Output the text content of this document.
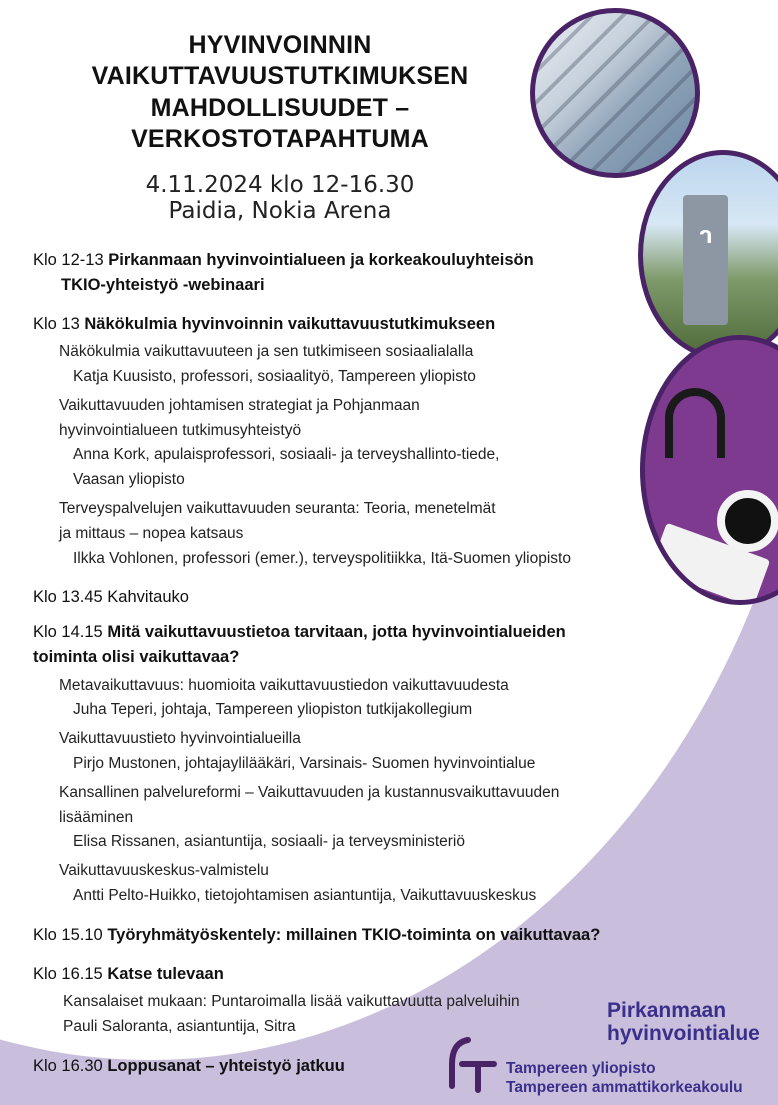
ᒉ
HYVINVOINNIN
VAIKUTTAVUUSTUTKIMUKSEN
MAHDOLLISUUDET –
VERKOSTOTAPAHTUMA
4.11.2024 klo 12-16.30
Paidia, Nokia Arena
Klo 12-13 Pirkanmaan hyvinvointialueen ja korkeakouluyhteisön
TKIO-yhteistyö -webinaari
Klo 13 Näkökulmia hyvinvoinnin vaikuttavuustutkimukseen
Näkökulmia vaikuttavuuteen ja sen tutkimiseen sosiaalialalla
Katja Kuusisto, professori, sosiaalityö, Tampereen yliopisto
Vaikuttavuuden johtamisen strategiat ja Pohjanmaan
hyvinvointialueen tutkimusyhteistyö
Anna Kork, apulaisprofessori, sosiaali- ja terveyshallinto-tiede,
Vaasan yliopisto
Terveyspalvelujen vaikuttavuuden seuranta: Teoria, menetelmät
ja mittaus – nopea katsaus
Ilkka Vohlonen, professori (emer.), terveyspolitiikka, Itä-Suomen yliopisto
Klo 13.45 Kahvitauko
Klo 14.15 Mitä vaikuttavuustietoa tarvitaan, jotta hyvinvointialueiden
toiminta olisi vaikuttavaa?
Metavaikuttavuus: huomioita vaikuttavuustiedon vaikuttavuudesta
Juha Teperi, johtaja, Tampereen yliopiston tutkijakollegium
Vaikuttavuustieto hyvinvointialueilla
Pirjo Mustonen, johtajaylilääkäri, Varsinais- Suomen hyvinvointialue
Kansallinen palvelureformi – Vaikuttavuuden ja kustannusvaikuttavuuden
lisääminen
Elisa Rissanen, asiantuntija, sosiaali- ja terveysministeriö
Vaikuttavuuskeskus-valmistelu
Antti Pelto-Huikko, tietojohtamisen asiantuntija, Vaikuttavuuskeskus
Klo 15.10 Työryhmätyöskentely: millainen TKIO-toiminta on vaikuttavaa?
Klo 16.15 Katse tulevaan
Kansalaiset mukaan: Puntaroimalla lisää vaikuttavuutta palveluihin
Pauli Saloranta, asiantuntija, Sitra
Klo 16.30 Loppusanat – yhteistyö jatkuu
Pirkanmaan
hyvinvointialue
Tampereen yliopisto
Tampereen ammattikorkeakoulu
